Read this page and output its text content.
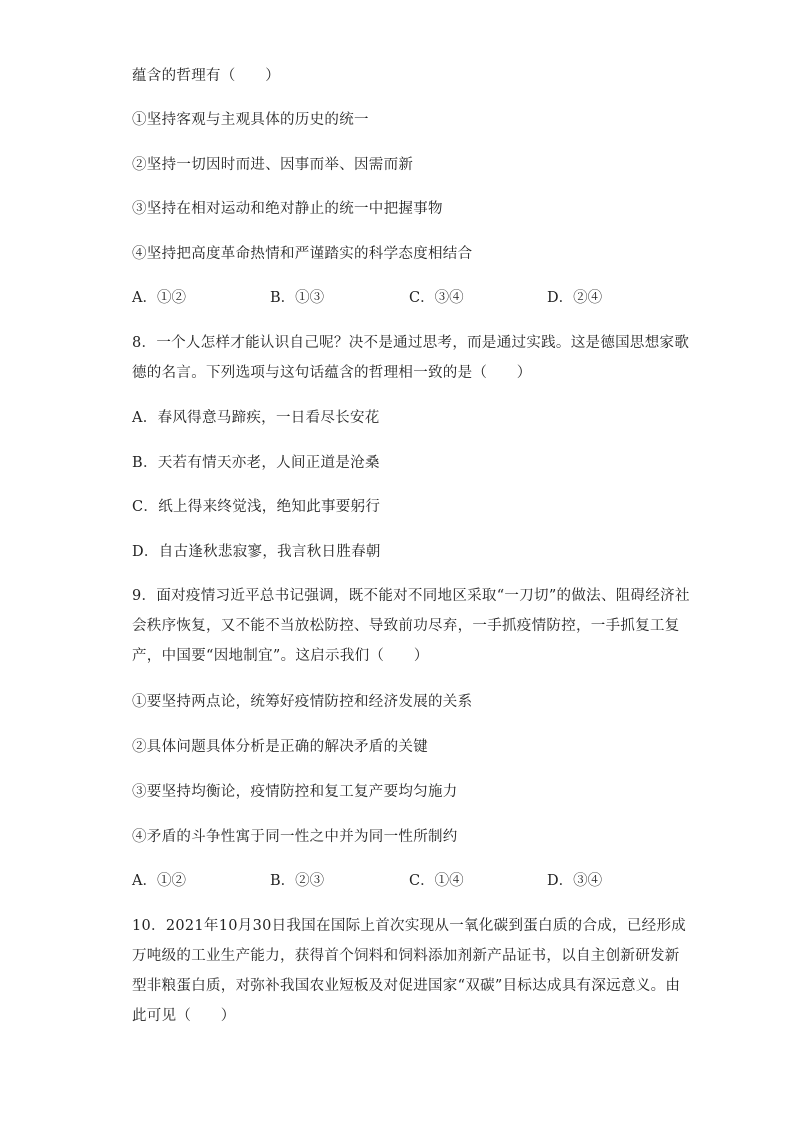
蕴含的哲理有（　　）
①坚持客观与主观具体的历史的统一
②坚持一切因时而进、因事而举、因需而新
③坚持在相对运动和绝对静止的统一中把握事物
④坚持把高度革命热情和严谨踏实的科学态度相结合
A．①②	B．①③	C．③④	D．②④
8．一个人怎样才能认识自己呢？决不是通过思考，而是通过实践。这是德国思想家歌
德的名言。下列选项与这句话蕴含的哲理相一致的是（　　）
A．春风得意马蹄疾，一日看尽长安花
B．天若有情天亦老，人间正道是沧桑
C．纸上得来终觉浅，绝知此事要躬行
D．自古逢秋悲寂寥，我言秋日胜春朝
9．面对疫情习近平总书记强调，既不能对不同地区采取“一刀切”的做法、阻碍经济社
会秩序恢复，又不能不当放松防控、导致前功尽弃，一手抓疫情防控，一手抓复工复
产，中国要“因地制宜”。这启示我们（　　）
①要坚持两点论，统筹好疫情防控和经济发展的关系
②具体问题具体分析是正确的解决矛盾的关键
③要坚持均衡论，疫情防控和复工复产要均匀施力
④矛盾的斗争性寓于同一性之中并为同一性所制约
A．①②	B．②③	C．①④	D．③④
10．2021年10月30日我国在国际上首次实现从一氧化碳到蛋白质的合成，已经形成
万吨级的工业生产能力，获得首个饲料和饲料添加剂新产品证书，以自主创新研发新
型非粮蛋白质，对弥补我国农业短板及对促进国家“双碳”目标达成具有深远意义。由
此可见（　　）
